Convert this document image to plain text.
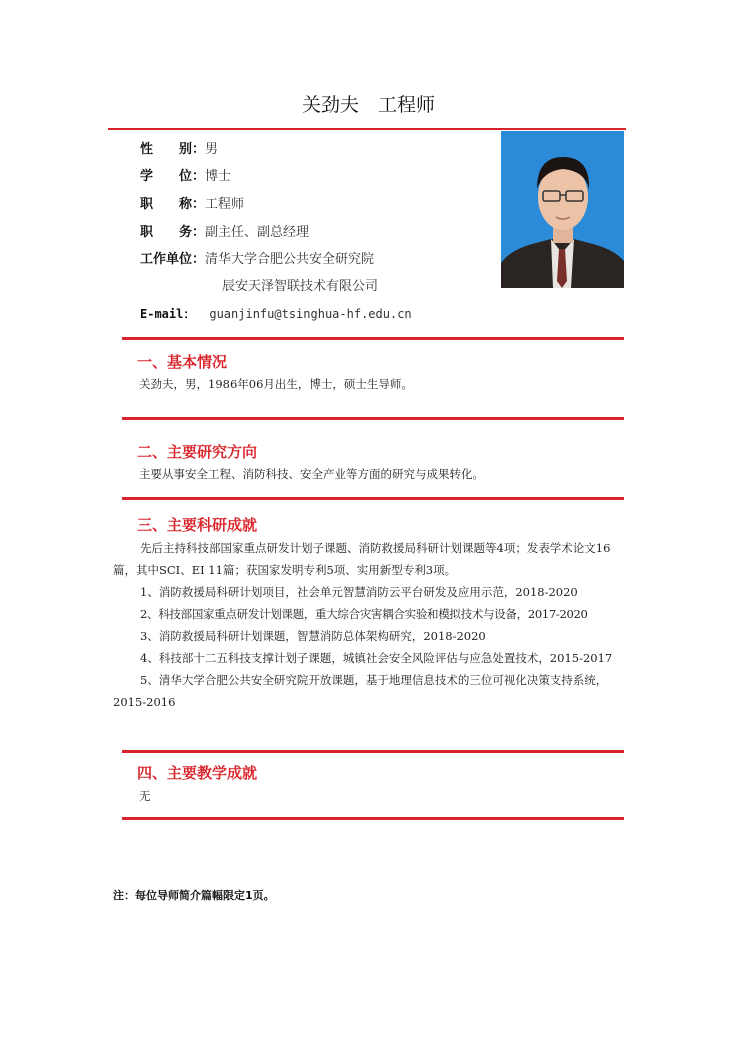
关劲夫　工程师
性　　别：男
学　　位：博士
职　　称：工程师
职　　务：副主任、副总经理
工作单位：清华大学合肥公共安全研究院
辰安天泽智联技术有限公司
E-mail： guanjinfu@tsinghua-hf.edu.cn
一、基本情况
关劲夫，男，1986年06月出生，博士，硕士生导师。
二、主要研究方向
主要从事安全工程、消防科技、安全产业等方面的研究与成果转化。
三、主要科研成就

先后主持科技部国家重点研发计划子课题、消防救援局科研计划课题等4项；发表学术论文16篇，其中SCI、EI 11篇；获国家发明专利5项、实用新型专利3项。

1、消防救援局科研计划项目，社会单元智慧消防云平台研发及应用示范，2018-2020

2、科技部国家重点研发计划课题，重大综合灾害耦合实验和模拟技术与设备，2017-2020

3、消防救援局科研计划课题，智慧消防总体架构研究，2018-2020

4、科技部十二五科技支撑计划子课题，城镇社会安全风险评估与应急处置技术，2015-2017

5、清华大学合肥公共安全研究院开放课题，基于地理信息技术的三位可视化决策支持系统，2015-2016

四、主要教学成就
无
注：每位导师简介篇幅限定1页。
